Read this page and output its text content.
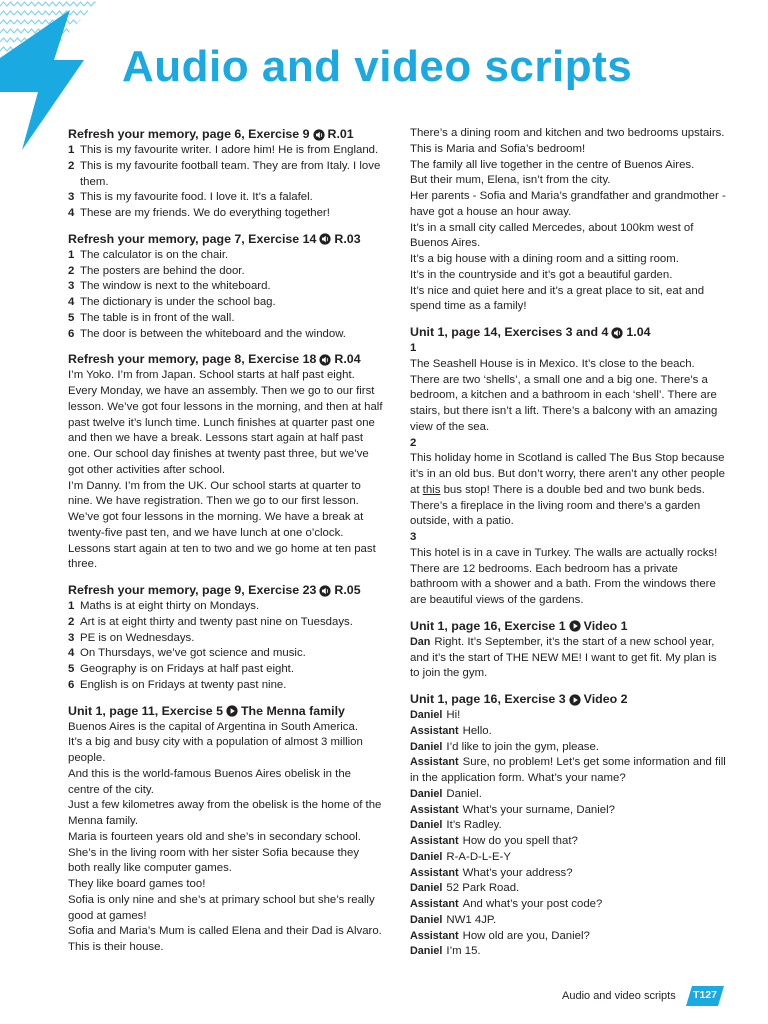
Audio and video scripts
Refresh your memory, page 6, Exercise 9 R.01
1 This is my favourite writer. I adore him! He is from England.
2 This is my favourite football team. They are from Italy. I love them.
3 This is my favourite food. I love it. It’s a falafel.
4 These are my friends. We do everything together!
Refresh your memory, page 7, Exercise 14 R.03
1 The calculator is on the chair.
2 The posters are behind the door.
3 The window is next to the whiteboard.
4 The dictionary is under the school bag.
5 The table is in front of the wall.
6 The door is between the whiteboard and the window.
Refresh your memory, page 8, Exercise 18 R.04

I’m Yoko. I’m from Japan. School starts at half past eight. Every Monday, we have an assembly. Then we go to our first lesson. We’ve got four lessons in the morning, and then at half past twelve it’s lunch time. Lunch finishes at quarter past one and then we have a break. Lessons start again at half past one. Our school day finishes at twenty past three, but we’ve got other activities after school.

I’m Danny. I’m from the UK. Our school starts at quarter to nine. We have registration. Then we go to our first lesson. We’ve got four lessons in the morning. We have a break at twenty-five past ten, and we have lunch at one o’clock. Lessons start again at ten to two and we go home at ten past three.

Refresh your memory, page 9, Exercise 23 R.05
1 Maths is at eight thirty on Mondays.
2 Art is at eight thirty and twenty past nine on Tuesdays.
3 PE is on Wednesdays.
4 On Thursdays, we’ve got science and music.
5 Geography is on Fridays at half past eight.
6 English is on Fridays at twenty past nine.
Unit 1, page 11, Exercise 5 The Menna family

Buenos Aires is the capital of Argentina in South America.

It’s a big and busy city with a population of almost 3 million people.

And this is the world-famous Buenos Aires obelisk in the centre of the city.

Just a few kilometres away from the obelisk is the home of the Menna family.

Maria is fourteen years old and she’s in secondary school. She’s in the living room with her sister Sofia because they both really like computer games.

They like board games too!

Sofia is only nine and she’s at primary school but she’s really good at games!

Sofia and Maria’s Mum is called Elena and their Dad is Alvaro. This is their house.

There’s a dining room and kitchen and two bedrooms upstairs. This is Maria and Sofia’s bedroom!

The family all live together in the centre of Buenos Aires.

But their mum, Elena, isn’t from the city.

Her parents - Sofia and Maria’s grandfather and grandmother - have got a house an hour away.

It’s in a small city called Mercedes, about 100km west of Buenos Aires.

It’s a big house with a dining room and a sitting room.

It’s in the countryside and it’s got a beautiful garden.

It’s nice and quiet here and it’s a great place to sit, eat and spend time as a family!

Unit 1, page 14, Exercises 3 and 4 1.04

1

The Seashell House is in Mexico. It’s close to the beach. There are two ‘shells’, a small one and a big one. There’s a bedroom, a kitchen and a bathroom in each ‘shell’. There are stairs, but there isn’t a lift. There’s a balcony with an amazing view of the sea.

2

This holiday home in Scotland is called The Bus Stop because it’s in an old bus. But don’t worry, there aren’t any other people at this bus stop! There is a double bed and two bunk beds. There’s a fireplace in the living room and there’s a garden outside, with a patio.

3

This hotel is in a cave in Turkey. The walls are actually rocks! There are 12 bedrooms. Each bedroom has a private bathroom with a shower and a bath. From the windows there are beautiful views of the gardens.

Unit 1, page 16, Exercise 1 Video 1

Dan Right. It’s September, it’s the start of a new school year, and it’s the start of THE NEW ME! I want to get fit. My plan is to join the gym.

Unit 1, page 16, Exercise 3 Video 2

Daniel Hi!

Assistant Hello.

Daniel I’d like to join the gym, please.

Assistant Sure, no problem! Let’s get some information and fill in the application form. What’s your name?

Daniel Daniel.

Assistant What’s your surname, Daniel?

Daniel It’s Radley.

Assistant How do you spell that?

Daniel R-A-D-L-E-Y

Assistant What’s your address?

Daniel 52 Park Road.

Assistant And what’s your post code?

Daniel NW1 4JP.

Assistant How old are you, Daniel?

Daniel I’m 15.

Audio and video scripts	T127
